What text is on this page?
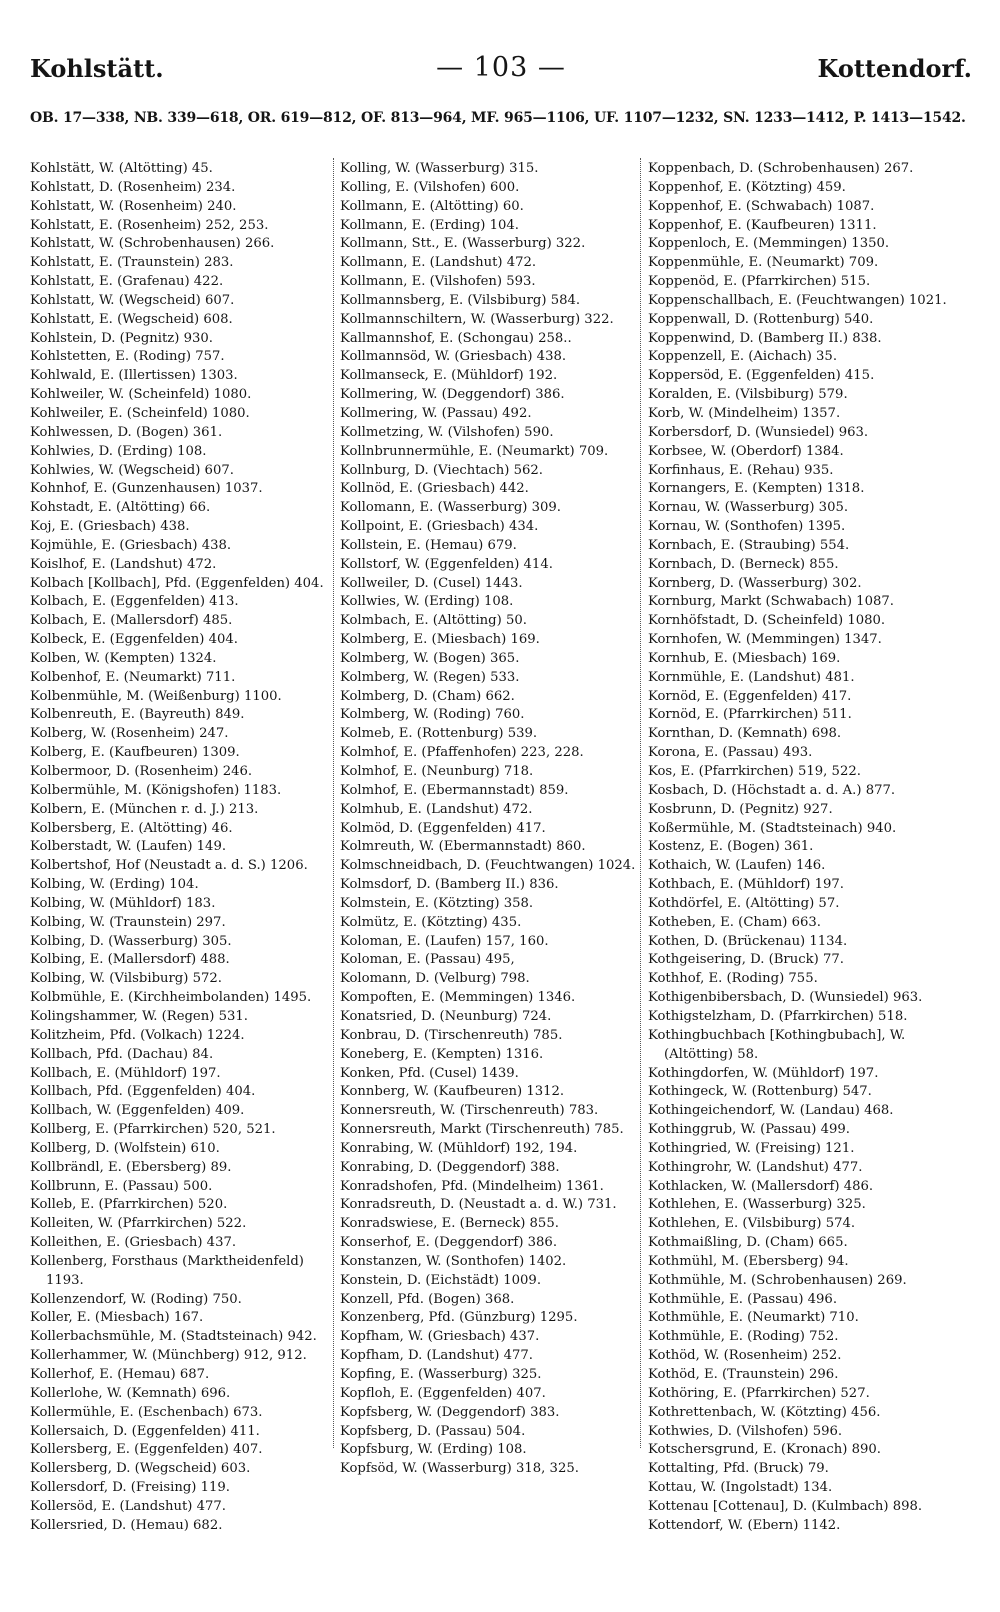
Kohlstätt.	— 103 —	Kottendorf.
OB. 17—338, NB. 339—618, OR. 619—812, OF. 813—964, MF. 965—1106, UF. 1107—1232, SN. 1233—1412, P. 1413—1542.
Kohlstätt, W. (Altötting) 45.
Kohlstatt, D. (Rosenheim) 234.
Kohlstatt, W. (Rosenheim) 240.
Kohlstatt, E. (Rosenheim) 252, 253.
Kohlstatt, W. (Schrobenhausen) 266.
Kohlstatt, E. (Traunstein) 283.
Kohlstatt, E. (Grafenau) 422.
Kohlstatt, W. (Wegscheid) 607.
Kohlstatt, E. (Wegscheid) 608.
Kohlstein, D. (Pegnitz) 930.
Kohlstetten, E. (Roding) 757.
Kohlwald, E. (Illertissen) 1303.
Kohlweiler, W. (Scheinfeld) 1080.
Kohlweiler, E. (Scheinfeld) 1080.
Kohlwessen, D. (Bogen) 361.
Kohlwies, D. (Erding) 108.
Kohlwies, W. (Wegscheid) 607.
Kohnhof, E. (Gunzenhausen) 1037.
Kohstadt, E. (Altötting) 66.
Koj, E. (Griesbach) 438.
Kojmühle, E. (Griesbach) 438.
Koislhof, E. (Landshut) 472.
Kolbach [Kollbach], Pfd. (Eggenfelden) 404.
Kolbach, E. (Eggenfelden) 413.
Kolbach, E. (Mallersdorf) 485.
Kolbeck, E. (Eggenfelden) 404.
Kolben, W. (Kempten) 1324.
Kolbenhof, E. (Neumarkt) 711.
Kolbenmühle, M. (Weißenburg) 1100.
Kolbenreuth, E. (Bayreuth) 849.
Kolberg, W. (Rosenheim) 247.
Kolberg, E. (Kaufbeuren) 1309.
Kolbermoor, D. (Rosenheim) 246.
Kolbermühle, M. (Königshofen) 1183.
Kolbern, E. (München r. d. J.) 213.
Kolbersberg, E. (Altötting) 46.
Kolberstadt, W. (Laufen) 149.
Kolbertshof, Hof (Neustadt a. d. S.) 1206.
Kolbing, W. (Erding) 104.
Kolbing, W. (Mühldorf) 183.
Kolbing, W. (Traunstein) 297.
Kolbing, D. (Wasserburg) 305.
Kolbing, E. (Mallersdorf) 488.
Kolbing, W. (Vilsbiburg) 572.
Kolbmühle, E. (Kirchheimbolanden) 1495.
Kolingshammer, W. (Regen) 531.
Kolitzheim, Pfd. (Volkach) 1224.
Kollbach, Pfd. (Dachau) 84.
Kollbach, E. (Mühldorf) 197.
Kollbach, Pfd. (Eggenfelden) 404.
Kollbach, W. (Eggenfelden) 409.
Kollberg, E. (Pfarrkirchen) 520, 521.
Kollberg, D. (Wolfstein) 610.
Kollbrändl, E. (Ebersberg) 89.
Kollbrunn, E. (Passau) 500.
Kolleb, E. (Pfarrkirchen) 520.
Kolleiten, W. (Pfarrkirchen) 522.
Kolleithen, E. (Griesbach) 437.
Kollenberg, Forsthaus (Marktheidenfeld) 1193.
Kollenzendorf, W. (Roding) 750.
Koller, E. (Miesbach) 167.
Kollerbachsmühle, M. (Stadtsteinach) 942.
Kollerhammer, W. (Münchberg) 912, 912.
Kollerhof, E. (Hemau) 687.
Kollerlohe, W. (Kemnath) 696.
Kollermühle, E. (Eschenbach) 673.
Kollersaich, D. (Eggenfelden) 411.
Kollersberg, E. (Eggenfelden) 407.
Kollersberg, D. (Wegscheid) 603.
Kollersdorf, D. (Freising) 119.
Kollersöd, E. (Landshut) 477.
Kollersried, D. (Hemau) 682.
Kolling, W. (Wasserburg) 315.
Kolling, E. (Vilshofen) 600.
Kollmann, E. (Altötting) 60.
Kollmann, E. (Erding) 104.
Kollmann, Stt., E. (Wasserburg) 322.
Kollmann, E. (Landshut) 472.
Kollmann, E. (Vilshofen) 593.
Kollmannsberg, E. (Vilsbiburg) 584.
Kollmannschiltern, W. (Wasserburg) 322.
Kallmannshof, E. (Schongau) 258..
Kollmannsöd, W. (Griesbach) 438.
Kollmanseck, E. (Mühldorf) 192.
Kollmering, W. (Deggendorf) 386.
Kollmering, W. (Passau) 492.
Kollmetzing, W. (Vilshofen) 590.
Kollnbrunnermühle, E. (Neumarkt) 709.
Kollnburg, D. (Viechtach) 562.
Kollnöd, E. (Griesbach) 442.
Kollomann, E. (Wasserburg) 309.
Kollpoint, E. (Griesbach) 434.
Kollstein, E. (Hemau) 679.
Kollstorf, W. (Eggenfelden) 414.
Kollweiler, D. (Cusel) 1443.
Kollwies, W. (Erding) 108.
Kolmbach, E. (Altötting) 50.
Kolmberg, E. (Miesbach) 169.
Kolmberg, W. (Bogen) 365.
Kolmberg, W. (Regen) 533.
Kolmberg, D. (Cham) 662.
Kolmberg, W. (Roding) 760.
Kolmeb, E. (Rottenburg) 539.
Kolmhof, E. (Pfaffenhofen) 223, 228.
Kolmhof, E. (Neunburg) 718.
Kolmhof, E. (Ebermannstadt) 859.
Kolmhub, E. (Landshut) 472.
Kolmöd, D. (Eggenfelden) 417.
Kolmreuth, W. (Ebermannstadt) 860.
Kolmschneidbach, D. (Feuchtwangen) 1024.
Kolmsdorf, D. (Bamberg II.) 836.
Kolmstein, E. (Kötzting) 358.
Kolmütz, E. (Kötzting) 435.
Koloman, E. (Laufen) 157, 160.
Koloman, E. (Passau) 495,
Kolomann, D. (Velburg) 798.
Kompoften, E. (Memmingen) 1346.
Konatsried, D. (Neunburg) 724.
Konbrau, D. (Tirschenreuth) 785.
Koneberg, E. (Kempten) 1316.
Konken, Pfd. (Cusel) 1439.
Konnberg, W. (Kaufbeuren) 1312.
Konnersreuth, W. (Tirschenreuth) 783.
Konnersreuth, Markt (Tirschenreuth) 785.
Konrabing, W. (Mühldorf) 192, 194.
Konrabing, D. (Deggendorf) 388.
Konradshofen, Pfd. (Mindelheim) 1361.
Konradsreuth, D. (Neustadt a. d. W.) 731.
Konradswiese, E. (Berneck) 855.
Konserhof, E. (Deggendorf) 386.
Konstanzen, W. (Sonthofen) 1402.
Konstein, D. (Eichstädt) 1009.
Konzell, Pfd. (Bogen) 368.
Konzenberg, Pfd. (Günzburg) 1295.
Kopfham, W. (Griesbach) 437.
Kopfham, D. (Landshut) 477.
Kopfing, E. (Wasserburg) 325.
Kopfloh, E. (Eggenfelden) 407.
Kopfsberg, W. (Deggendorf) 383.
Kopfsberg, D. (Passau) 504.
Kopfsburg, W. (Erding) 108.
Kopfsöd, W. (Wasserburg) 318, 325.
Koppenbach, D. (Schrobenhausen) 267.
Koppenhof, E. (Kötzting) 459.
Koppenhof, E. (Schwabach) 1087.
Koppenhof, E. (Kaufbeuren) 1311.
Koppenloch, E. (Memmingen) 1350.
Koppenmühle, E. (Neumarkt) 709.
Koppenöd, E. (Pfarrkirchen) 515.
Koppenschallbach, E. (Feuchtwangen) 1021.
Koppenwall, D. (Rottenburg) 540.
Koppenwind, D. (Bamberg II.) 838.
Koppenzell, E. (Aichach) 35.
Koppersöd, E. (Eggenfelden) 415.
Koralden, E. (Vilsbiburg) 579.
Korb, W. (Mindelheim) 1357.
Korbersdorf, D. (Wunsiedel) 963.
Korbsee, W. (Oberdorf) 1384.
Korfinhaus, E. (Rehau) 935.
Kornangers, E. (Kempten) 1318.
Kornau, W. (Wasserburg) 305.
Kornau, W. (Sonthofen) 1395.
Kornbach, E. (Straubing) 554.
Kornbach, D. (Berneck) 855.
Kornberg, D. (Wasserburg) 302.
Kornburg, Markt (Schwabach) 1087.
Kornhöfstadt, D. (Scheinfeld) 1080.
Kornhofen, W. (Memmingen) 1347.
Kornhub, E. (Miesbach) 169.
Kornmühle, E. (Landshut) 481.
Kornöd, E. (Eggenfelden) 417.
Kornöd, E. (Pfarrkirchen) 511.
Kornthan, D. (Kemnath) 698.
Korona, E. (Passau) 493.
Kos, E. (Pfarrkirchen) 519, 522.
Kosbach, D. (Höchstadt a. d. A.) 877.
Kosbrunn, D. (Pegnitz) 927.
Koßermühle, M. (Stadtsteinach) 940.
Kostenz, E. (Bogen) 361.
Kothaich, W. (Laufen) 146.
Kothbach, E. (Mühldorf) 197.
Kothdörfel, E. (Altötting) 57.
Kotheben, E. (Cham) 663.
Kothen, D. (Brückenau) 1134.
Kothgeisering, D. (Bruck) 77.
Kothhof, E. (Roding) 755.
Kothigenbibersbach, D. (Wunsiedel) 963.
Kothigstelzham, D. (Pfarrkirchen) 518.
Kothingbuchbach [Kothingbubach], W. (Altötting) 58.
Kothingdorfen, W. (Mühldorf) 197.
Kothingeck, W. (Rottenburg) 547.
Kothingeichendorf, W. (Landau) 468.
Kothinggrub, W. (Passau) 499.
Kothingried, W. (Freising) 121.
Kothingrohr, W. (Landshut) 477.
Kothlacken, W. (Mallersdorf) 486.
Kothlehen, E. (Wasserburg) 325.
Kothlehen, E. (Vilsbiburg) 574.
Kothmaißling, D. (Cham) 665.
Kothmühl, M. (Ebersberg) 94.
Kothmühle, M. (Schrobenhausen) 269.
Kothmühle, E. (Passau) 496.
Kothmühle, E. (Neumarkt) 710.
Kothmühle, E. (Roding) 752.
Kothöd, W. (Rosenheim) 252.
Kothöd, E. (Traunstein) 296.
Kothöring, E. (Pfarrkirchen) 527.
Kothrettenbach, W. (Kötzting) 456.
Kothwies, D. (Vilshofen) 596.
Kotschersgrund, E. (Kronach) 890.
Kottalting, Pfd. (Bruck) 79.
Kottau, W. (Ingolstadt) 134.
Kottenau [Cottenau], D. (Kulmbach) 898.
Kottendorf, W. (Ebern) 1142.
